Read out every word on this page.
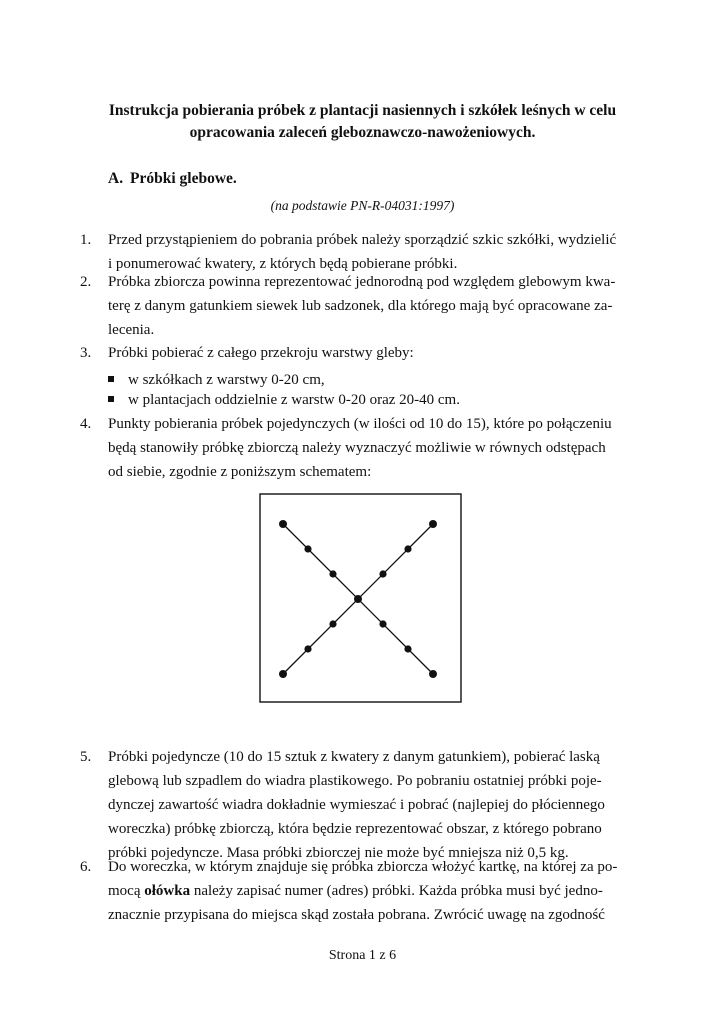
Instrukcja pobierania próbek z plantacji nasiennych i szkółek leśnych w celu
opracowania zaleceń gleboznawczo-nawożeniowych.
A. Próbki glebowe.
(na podstawie PN-R-04031:1997)
1.	Przed przystąpieniem do pobrania próbek należy sporządzić szkic szkółki, wydzielić
i ponumerować kwatery, z których będą pobierane próbki.
2.	Próbka zbiorcza powinna reprezentować jednorodną pod względem glebowym kwa-
terę z danym gatunkiem siewek lub sadzonek, dla którego mają być opracowane za-
lecenia.
3.	Próbki pobierać z całego przekroju warstwy gleby:
w szkółkach z warstwy 0-20 cm,
w plantacjach oddzielnie z warstw 0-20 oraz 20-40 cm.
4.	Punkty pobierania próbek pojedynczych (w ilości od 10 do 15), które po połączeniu
będą stanowiły próbkę zbiorczą należy wyznaczyć możliwie w równych odstępach
od siebie, zgodnie z poniższym schematem:
5.	Próbki pojedyncze (10 do 15 sztuk z kwatery z danym gatunkiem), pobierać laską
glebową lub szpadlem do wiadra plastikowego. Po pobraniu ostatniej próbki poje-
dynczej zawartość wiadra dokładnie wymieszać i pobrać (najlepiej do płóciennego
woreczka) próbkę zbiorczą, która będzie reprezentować obszar, z którego pobrano
próbki pojedyncze. Masa próbki zbiorczej nie może być mniejsza niż 0,5 kg.
6.	Do woreczka, w którym znajduje się próbka zbiorcza włożyć kartkę, na której za po-
mocą ołówka należy zapisać numer (adres) próbki. Każda próbka musi być jedno-
znacznie przypisana do miejsca skąd została pobrana. Zwrócić uwagę na zgodność
Strona 1 z 6
